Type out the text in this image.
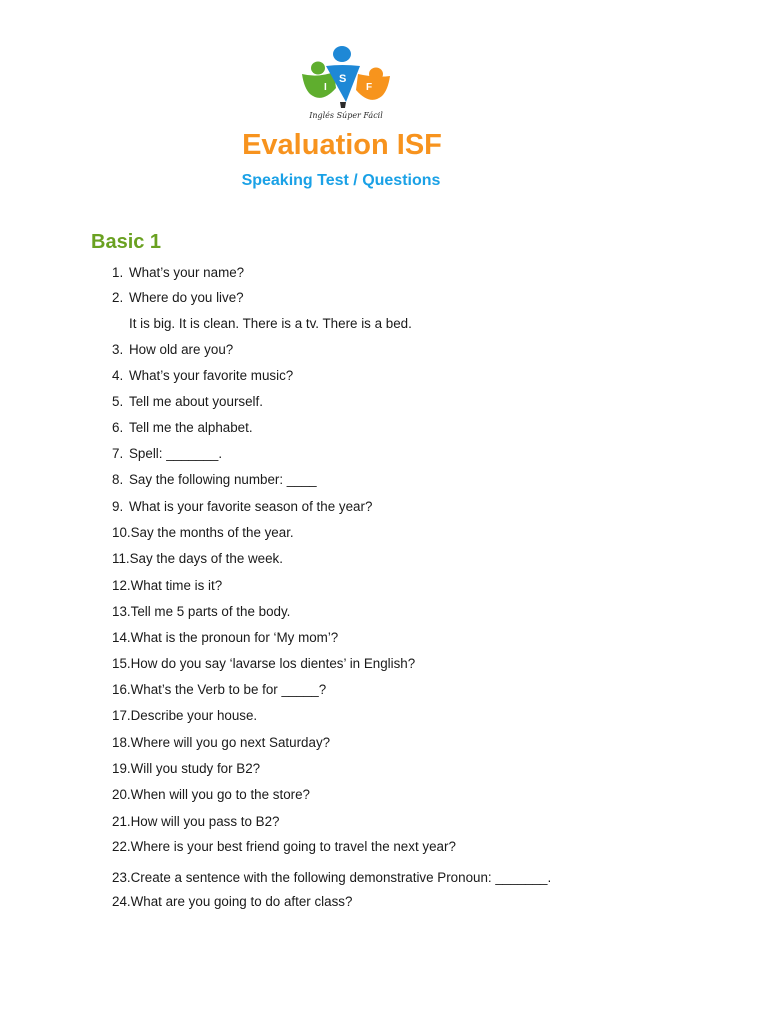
I
S
F
Inglés Súper Fácil
Evaluation ISF
Speaking Test / Questions
Basic 1
1. What’s your name?
2. Where do you live?
It is big. It is clean. There is a tv. There is a bed.
3. How old are you?
4. What’s your favorite music?
5. Tell me about yourself.
6. Tell me the alphabet.
7. Spell: _______.
8. Say the following number: ____
9. What is your favorite season of the year?
10.Say the months of the year.
11.Say the days of the week.
12.What time is it?
13.Tell me 5 parts of the body.
14.What is the pronoun for ‘My mom’?
15.How do you say ‘lavarse los dientes’ in English?
16.What’s the Verb to be for _____?
17.Describe your house.
18.Where will you go next Saturday?
19.Will you study for B2?
20.When will you go to the store?
21.How will you pass to B2?
22.Where is your best friend going to travel the next year?
23.Create a sentence with the following demonstrative Pronoun: _______.
24.What are you going to do after class?
